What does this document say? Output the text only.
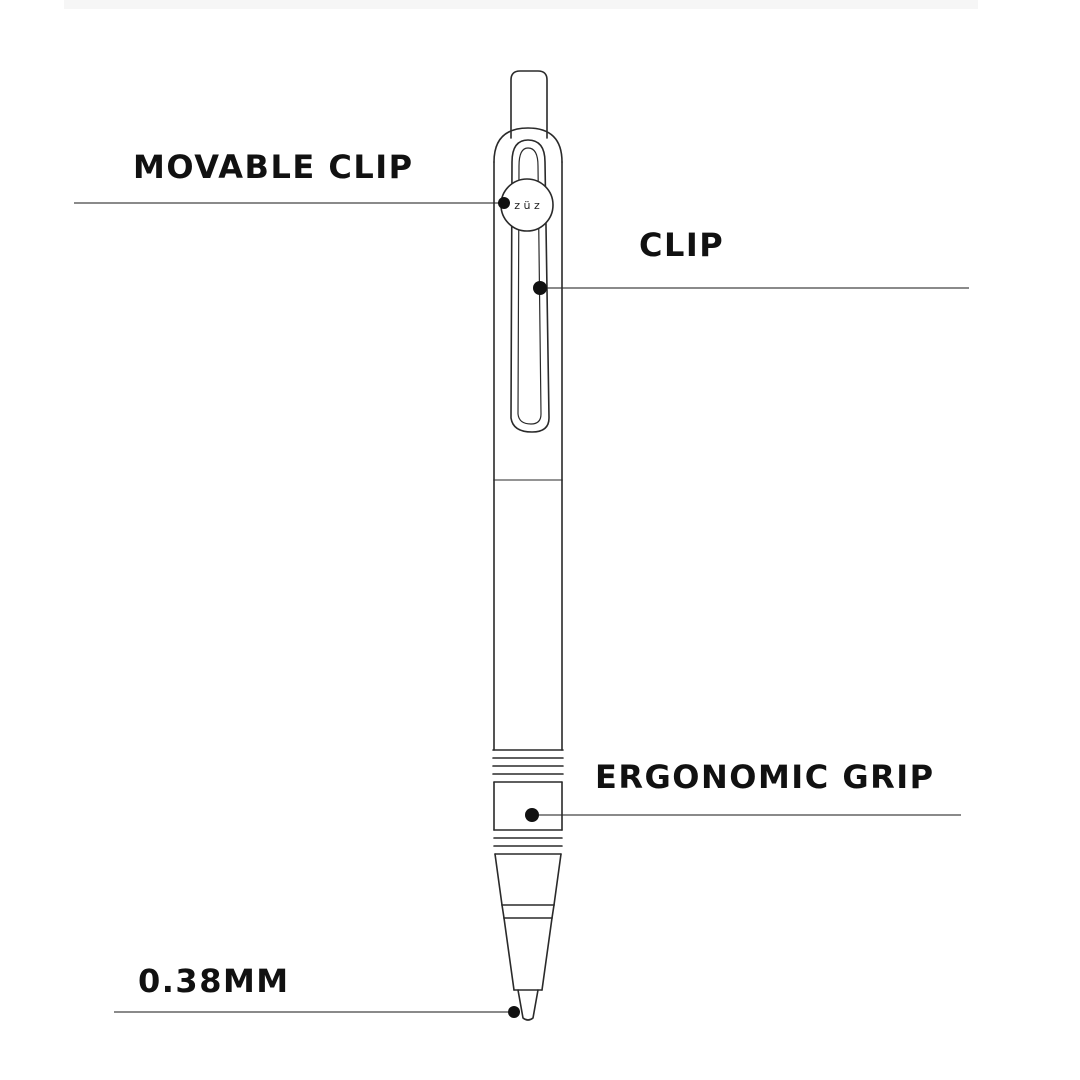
z ü z

MOVABLE CLIP

CLIP

ERGONOMIC GRIP

0.38MM
